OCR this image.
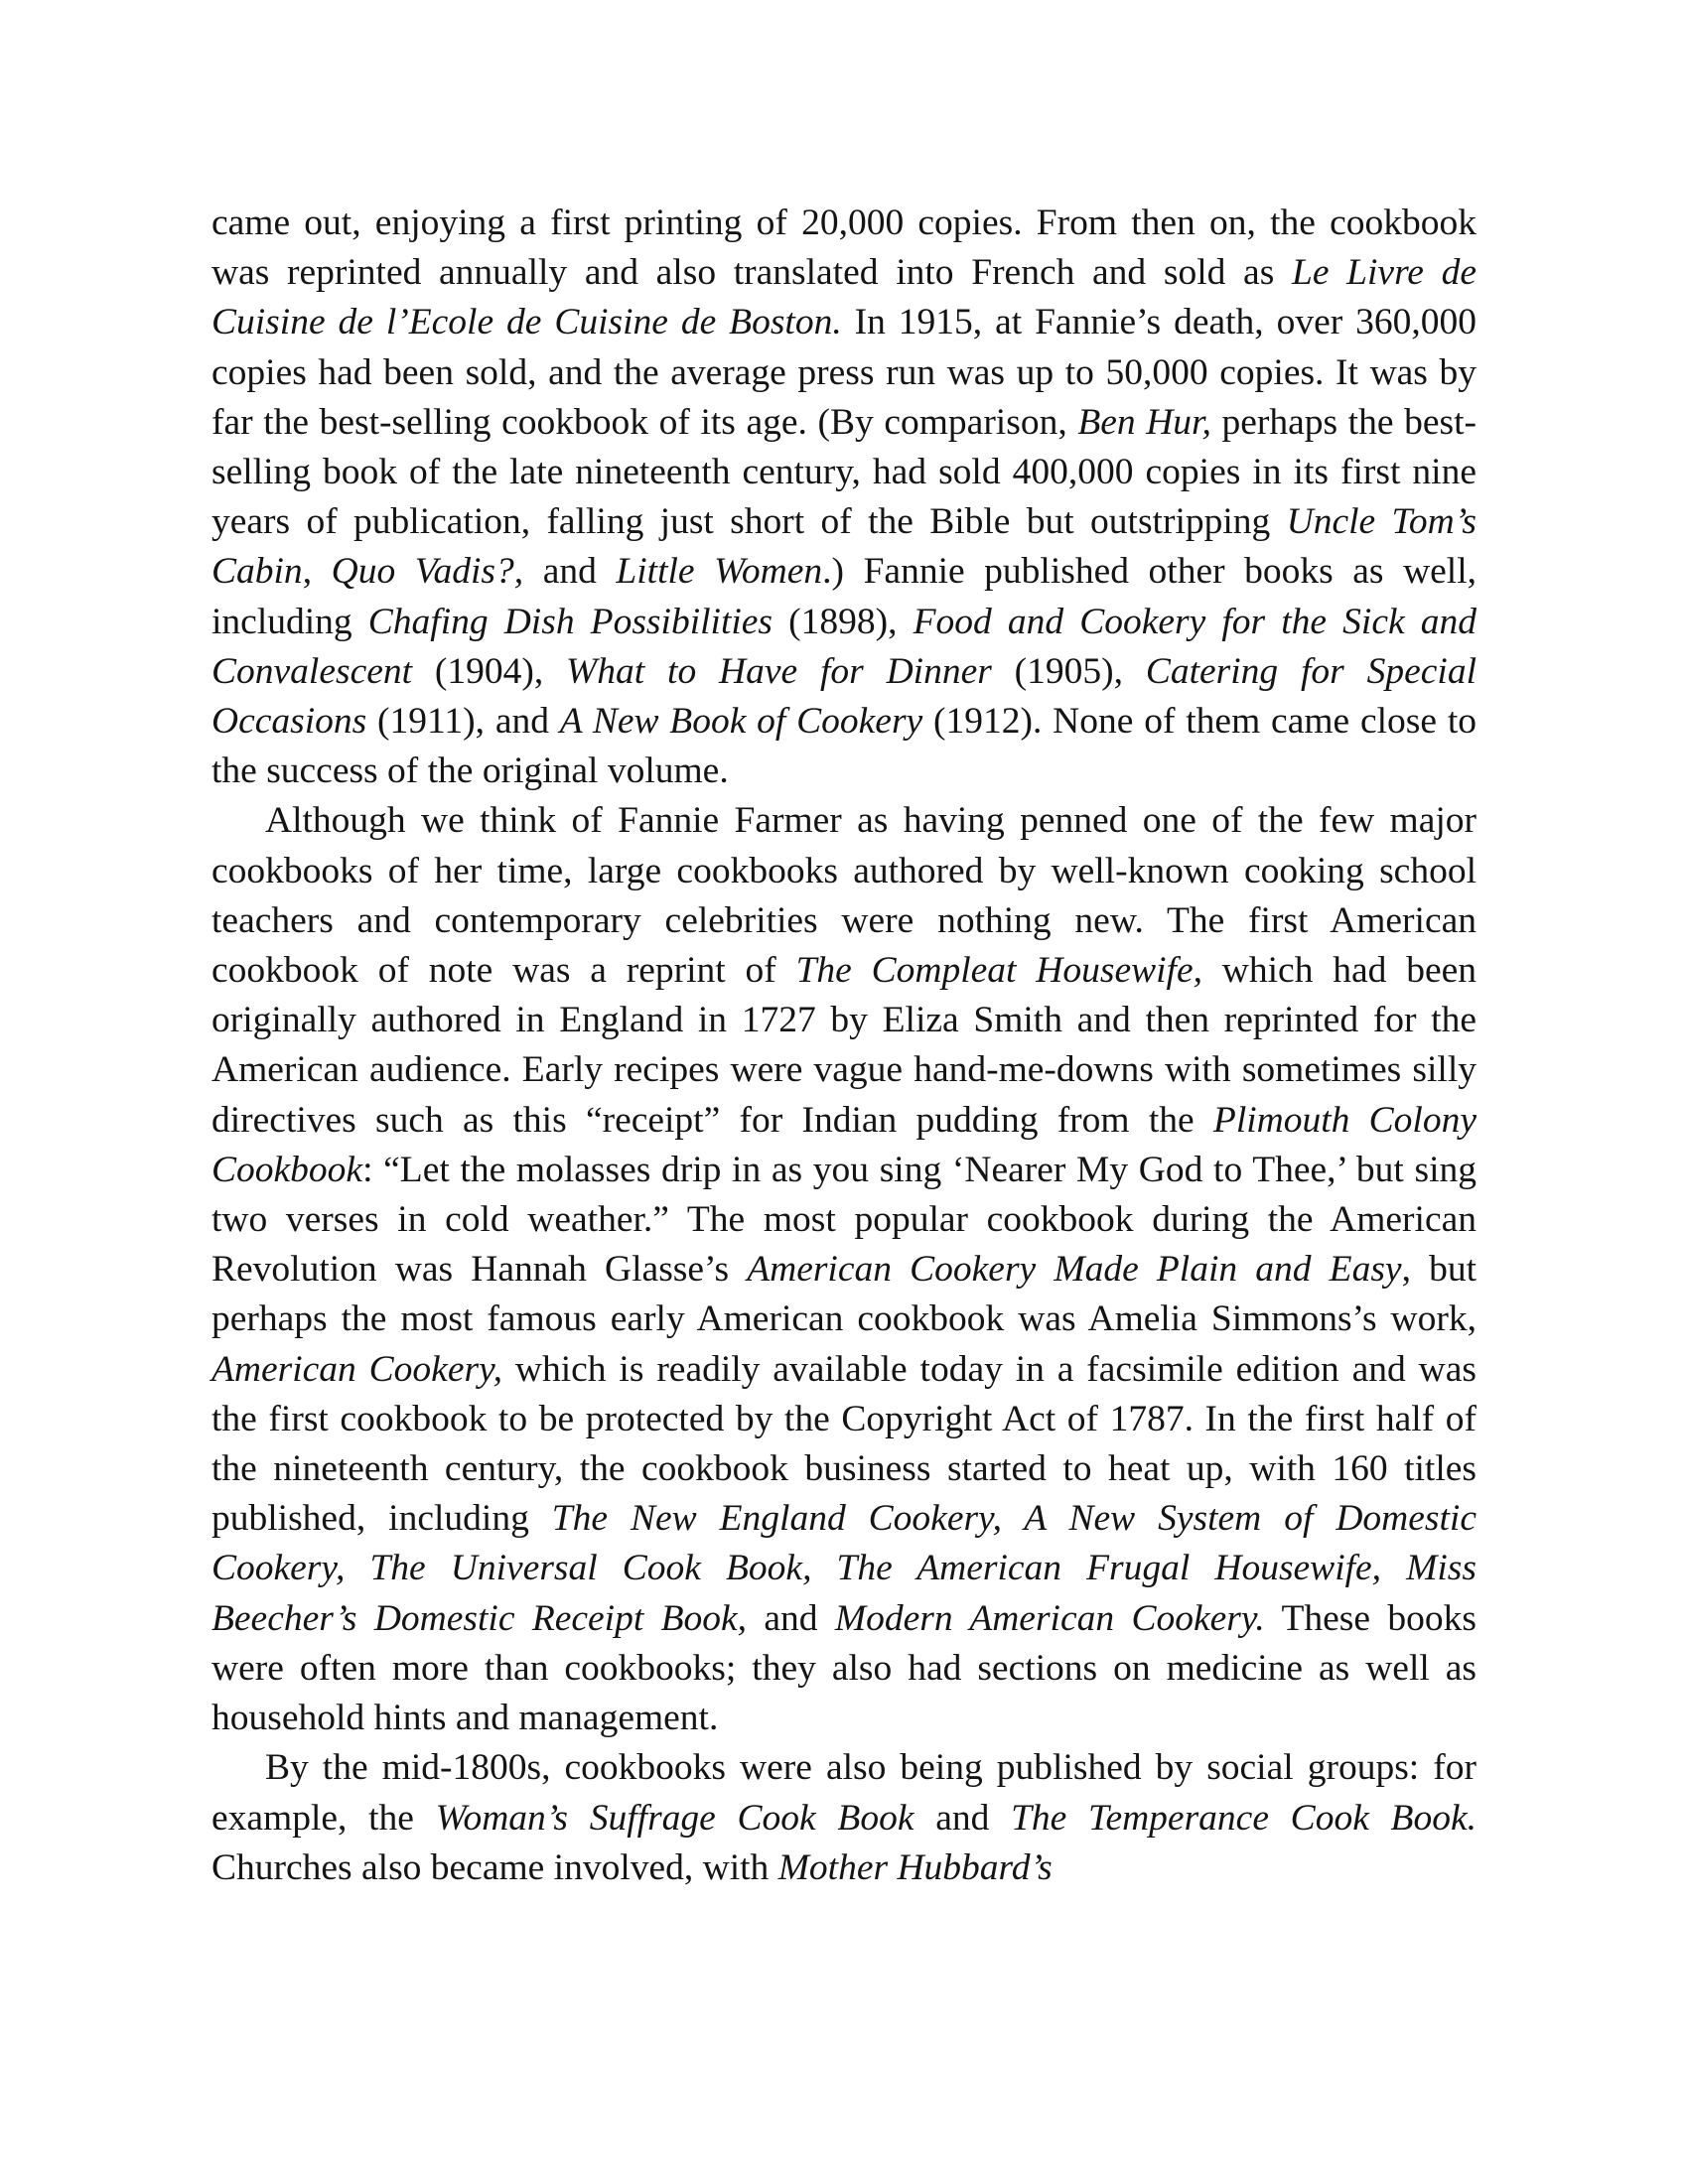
came out, enjoying a first printing of 20,000 copies. From then on, the cookbook was reprinted annually and also translated into French and sold as Le Livre de Cuisine de l’Ecole de Cuisine de Boston. In 1915, at Fannie’s death, over 360,000 copies had been sold, and the average press run was up to 50,000 copies. It was by far the best-selling cookbook of its age. (By comparison, Ben Hur, perhaps the best-selling book of the late nineteenth century, had sold 400,000 copies in its first nine years of publication, falling just short of the Bible but outstripping Uncle Tom’s Cabin, Quo Vadis?, and Little Women.) Fannie published other books as well, including Chafing Dish Possibilities (1898), Food and Cookery for the Sick and Convalescent (1904), What to Have for Dinner (1905), Catering for Special Occasions (1911), and A New Book of Cookery (1912). None of them came close to the success of the original volume.

Although we think of Fannie Farmer as having penned one of the few major cookbooks of her time, large cookbooks authored by well-known cooking school teachers and contemporary celebrities were nothing new. The first American cookbook of note was a reprint of The Compleat Housewife, which had been originally authored in England in 1727 by Eliza Smith and then reprinted for the American audience. Early recipes were vague hand-me-downs with sometimes silly directives such as this “receipt” for Indian pudding from the Plimouth Colony Cookbook: “Let the molasses drip in as you sing ‘Nearer My God to Thee,’ but sing two verses in cold weather.” The most popular cookbook during the American Revolution was Hannah Glasse’s American Cookery Made Plain and Easy, but perhaps the most famous early American cookbook was Amelia Simmons’s work, American Cookery, which is readily available today in a facsimile edition and was the first cookbook to be protected by the Copyright Act of 1787. In the first half of the nineteenth century, the cookbook business started to heat up, with 160 titles published, including The New England Cookery, A New System of Domestic Cookery, The Universal Cook Book, The American Frugal Housewife, Miss Beecher’s Domestic Receipt Book, and Modern American Cookery. These books were often more than cookbooks; they also had sections on medicine as well as household hints and management.

By the mid-1800s, cookbooks were also being published by social groups: for example, the Woman’s Suffrage Cook Book and The Temperance Cook Book. Churches also became involved, with Mother Hubbard’s
